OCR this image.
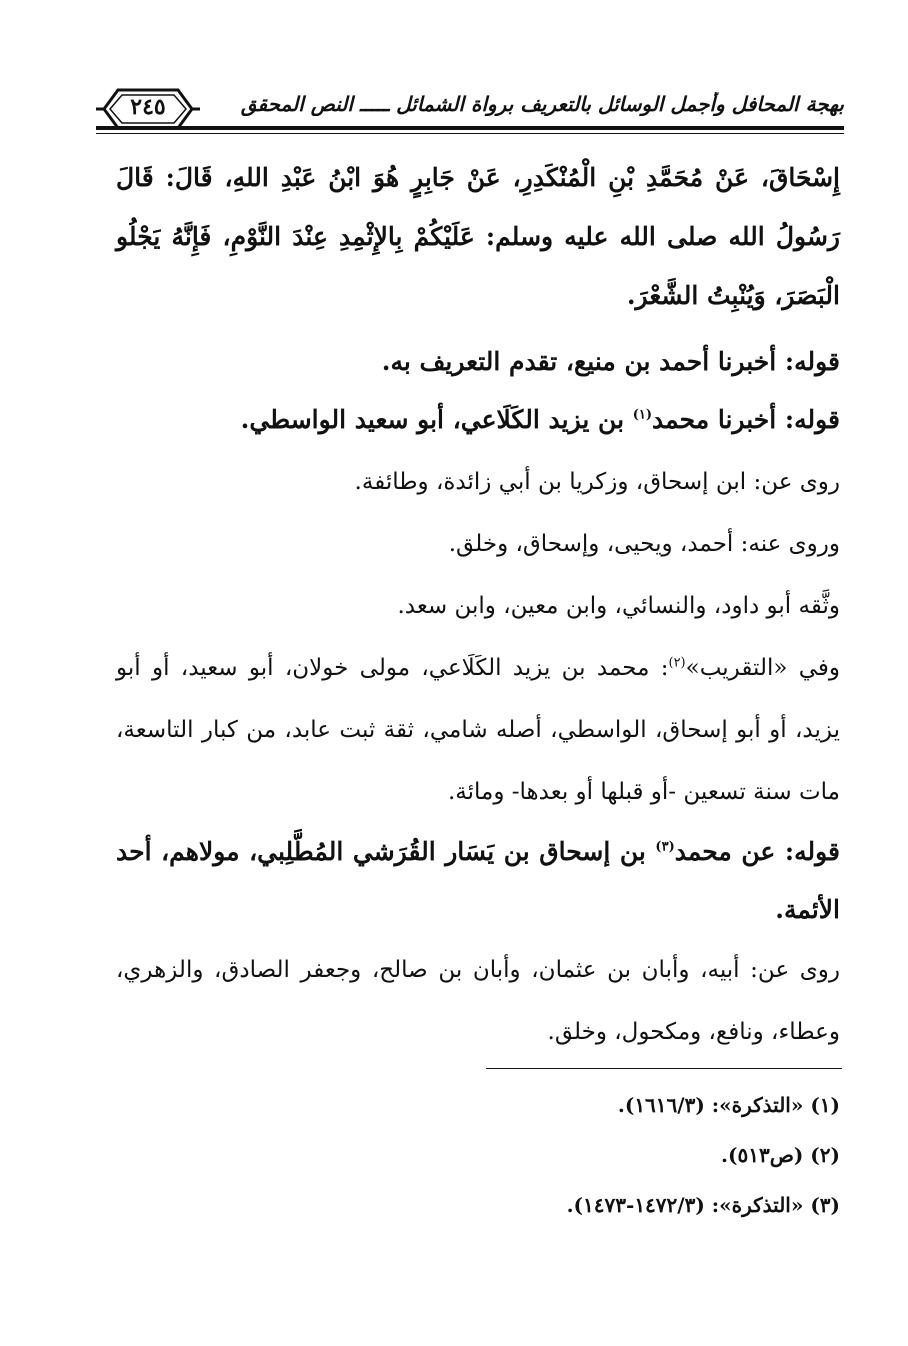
٢٤٥	بهجة المحافل وأجمل الوسائل بالتعريف برواة الشمائل ـــــ النص المحقق

إِسْحَاقَ، عَنْ مُحَمَّدِ بْنِ الْمُنْكَدِرِ، عَنْ جَابِرٍ هُوَ ابْنُ عَبْدِ اللهِ، قَالَ: قَالَ رَسُولُ الله صلى الله عليه وسلم: عَلَيْكُمْ بِالإِثْمِدِ عِنْدَ النَّوْمِ، فَإِنَّهُ يَجْلُو الْبَصَرَ، وَيُنْبِتُ الشَّعْرَ.

قوله: أخبرنا أحمد بن منيع، تقدم التعريف به.

قوله: أخبرنا محمد$^{(١)}$ بن يزيد الكَلَاعي، أبو سعيد الواسطي.

روى عن: ابن إسحاق، وزكريا بن أبي زائدة، وطائفة.

وروى عنه: أحمد، ويحيى، وإسحاق، وخلق.

وثَّقه أبو داود، والنسائي، وابن معين، وابن سعد.

وفي «التقريب»$^{(٢)}$: محمد بن يزيد الكَلَاعي، مولى خولان، أبو سعيد، أو أبو يزيد، أو أبو إسحاق، الواسطي، أصله شامي، ثقة ثبت عابد، من كبار التاسعة، مات سنة تسعين -أو قبلها أو بعدها- ومائة.

قوله: عن محمد$^{(٣)}$ بن إسحاق بن يَسَار القُرَشي المُطَّلِبي، مولاهم، أحد الأئمة.

روى عن: أبيه، وأبان بن عثمان، وأبان بن صالح، وجعفر الصادق، والزهري، وعطاء، ونافع، ومكحول، وخلق.

(١) «التذكرة»: (١٦١٦/٣).

(٢) (ص٥١٣).

(٣) «التذكرة»: (١٤٧٢/٣-١٤٧٣).
